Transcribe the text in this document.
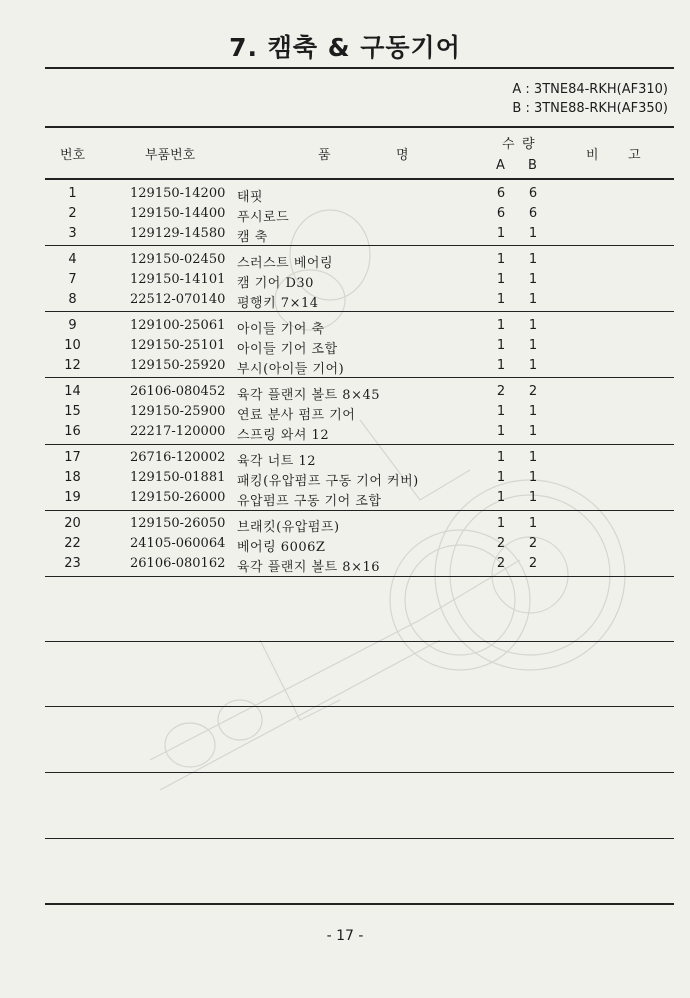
7. 캠축 & 구동기어
A : 3TNE84-RKH(AF310)
B : 3TNE88-RKH(AF350)
번호	부품번호	품	명
수 량
A B
비 고
1	129150-14200 태핏	6 6
2	129150-14400 푸시로드	6 6
3	129129-14580 캠 축	1 1
4	129150-02450 스러스트 베어링	1 1
7	129150-14101 캠 기어 D30	1 1
8	22512-070140 평행키 7×14	1 1
9	129100-25061 아이들 기어 축	1 1
10	129150-25101 아이들 기어 조합	1 1
12	129150-25920 부시(아이들 기어)	1 1
14	26106-080452 육각 플랜지 볼트 8×45	2 2
15	129150-25900 연료 분사 펌프 기어	1 1
16	22217-120000 스프링 와셔 12	1 1
17	26716-120002 육각 너트 12	1 1
18	129150-01881 패킹(유압펌프 구동 기어 커버)	1 1
19	129150-26000 유압펌프 구동 기어 조합	1 1
20	129150-26050 브래킷(유압펌프)	1 1
22	24105-060064 베어링 6006Z	2 2
23	26106-080162 육각 플랜지 볼트 8×16	2 2
- 17 -
